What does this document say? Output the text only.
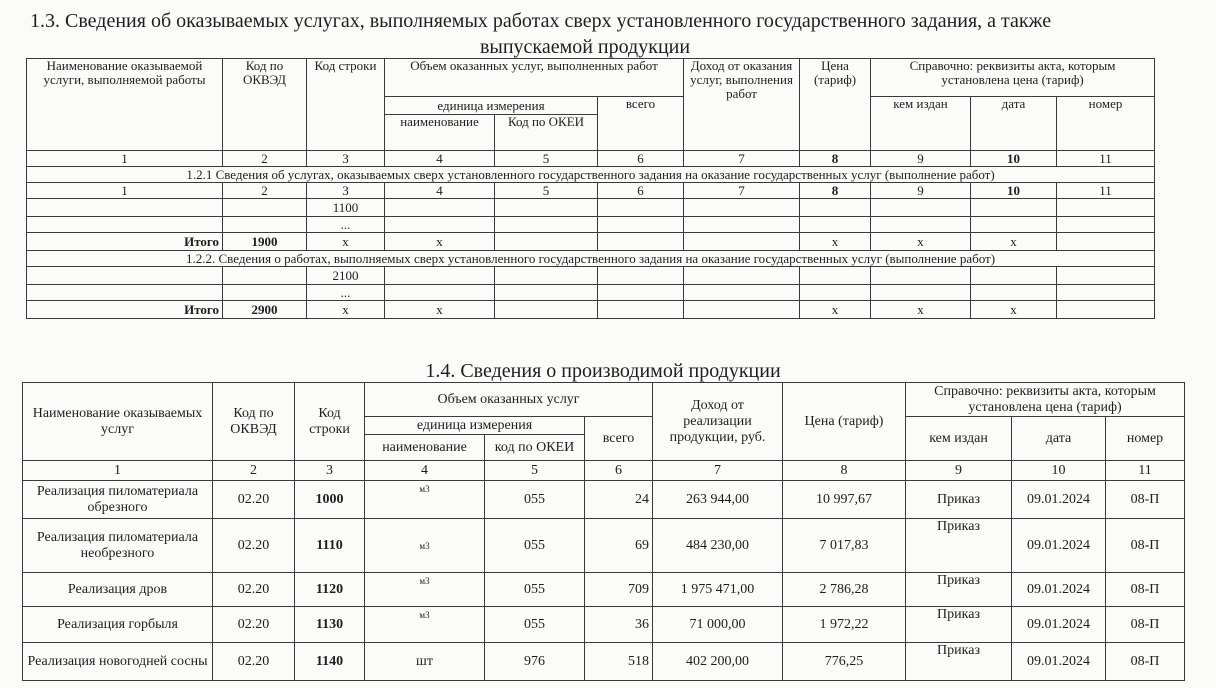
1.3. Сведения об оказываемых услугах, выполняемых работах сверх установленного государственного задания, а также
выпускаемой продукции
Наименование оказываемой услуги, выполняемой работы	Код по ОКВЭД	Код строки	Объем оказанных услуг, выполненных работ			Доход от оказания услуг, выполнения работ	Цена (тариф)	Справочно: реквизиты акта, которым установлена цена (тариф)		
			единица измерения		всего			кем издан	дата	номер
			наименование	Код по ОКЕИ						
1	2	3	4	5	6	7	8	9	10	11
1.2.1 Сведения об услугах, оказываемых сверх установленного государственного задания на оказание государственных услуг (выполнение работ)										
1	2	3	4	5	6	7	8	9	10	11
		1100								
		...								
Итого	1900	x	x				x	x	x	
1.2.2. Сведения о работах, выполняемых сверх установленного государственного задания на оказание государственных услуг (выполнение работ)										
		2100								
		...								
Итого	2900	x	x				x	x	x	
1.4. Сведения о производимой продукции
Наименование оказываемых услуг	Код по ОКВЭД	Код строки	Объем оказанных услуг			Доход от реализации продукции, руб.	Цена (тариф)	Справочно: реквизиты акта, которым установлена цена (тариф)		
			единица измерения		всего			кем издан	дата	номер
			наименование	код по ОКЕИ						
1	2	3	4	5	6	7	8	9	10	11
Реализация пиломатериала обрезного	02.20	1000	м3	055	24	263 944,00	10 997,67	Приказ	09.01.2024	08-П
Реализация пиломатериала необрезного	02.20	1110	м3	055	69	484 230,00	7 017,83	Приказ	09.01.2024	08-П
Реализация дров	02.20	1120	м3	055	709	1 975 471,00	2 786,28	Приказ	09.01.2024	08-П
Реализация горбыля	02.20	1130	м3	055	36	71 000,00	1 972,22	Приказ	09.01.2024	08-П
Реализация новогодней сосны	02.20	1140	шт	976	518	402 200,00	776,25	Приказ	09.01.2024	08-П
